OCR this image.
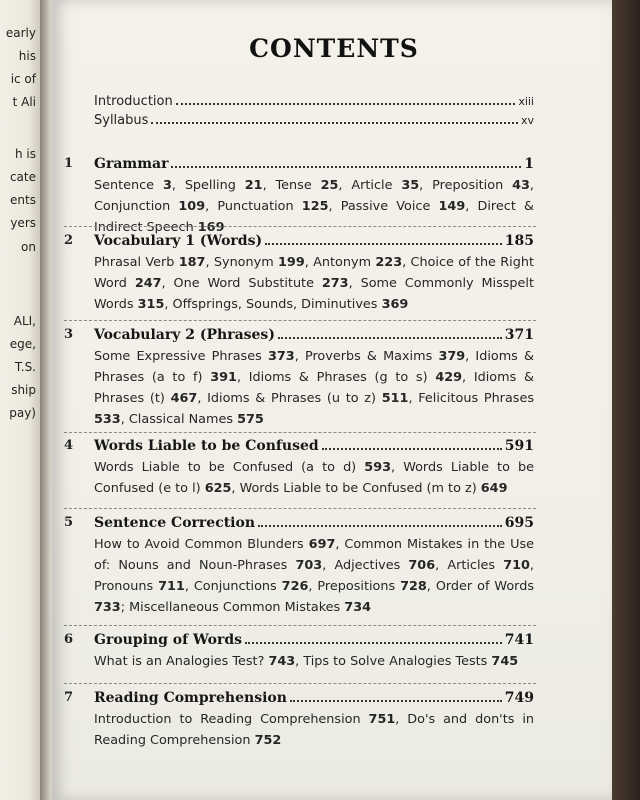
early
his
ic of
t Ali
h is
cate
ents
yers
on
ALI,
ege,
T.S.
ship
pay)
CONTENTS
Introduction	xiii
Syllabus	xv
1 Grammar	1
Sentence 3, Spelling 21, Tense 25, Article 35, Preposition 43, Conjunction 109, Punctuation 125, Passive Voice 149, Direct & Indirect Speech 169
2 Vocabulary 1 (Words)	185
Phrasal Verb 187, Synonym 199, Antonym 223, Choice of the Right Word 247, One Word Substitute 273, Some Commonly Misspelt Words 315, Offsprings, Sounds, Diminutives 369
3 Vocabulary 2 (Phrases)	371
Some Expressive Phrases 373, Proverbs & Maxims 379, Idioms & Phrases (a to f) 391, Idioms & Phrases (g to s) 429, Idioms & Phrases (t) 467, Idioms & Phrases (u to z) 511, Felicitous Phrases 533, Classical Names 575
4 Words Liable to be Confused	591
Words Liable to be Confused (a to d) 593, Words Liable to be Confused (e to l) 625, Words Liable to be Confused (m to z) 649
5 Sentence Correction	695
How to Avoid Common Blunders 697, Common Mistakes in the Use of: Nouns and Noun-Phrases 703, Adjectives 706, Articles 710, Pronouns 711, Conjunctions 726, Prepositions 728, Order of Words 733; Miscellaneous Common Mistakes 734
6 Grouping of Words	741
What is an Analogies Test? 743, Tips to Solve Analogies Tests 745
7 Reading Comprehension	749
Introduction to Reading Comprehension 751, Do's and don'ts in Reading Comprehension 752
